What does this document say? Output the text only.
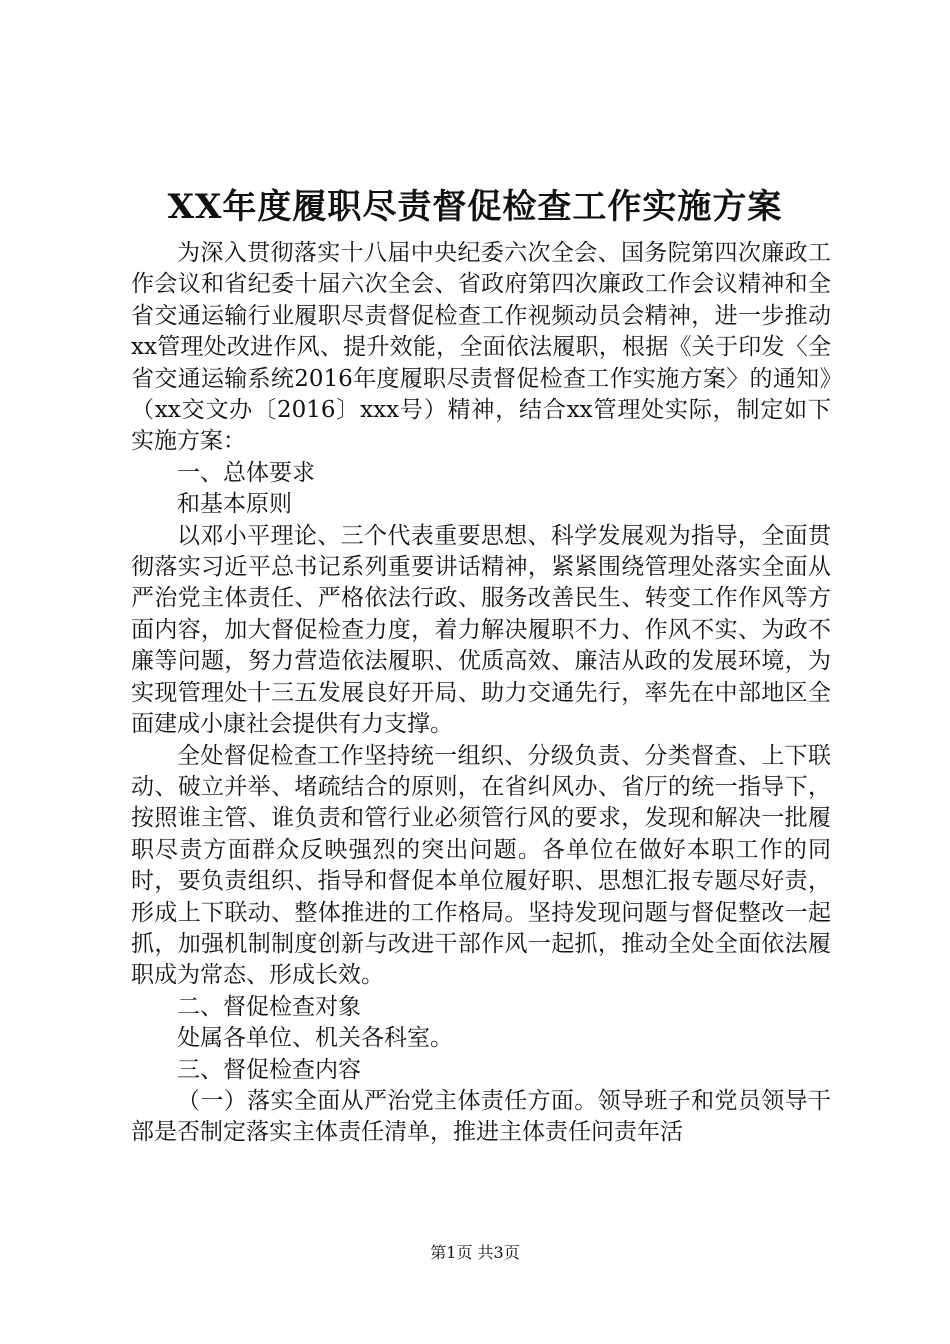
XX年度履职尽责督促检查工作实施方案

为深入贯彻落实十八届中央纪委六次全会、国务院第四次廉政工作会议和省纪委十届六次全会、省政府第四次廉政工作会议精神和全省交通运输行业履职尽责督促检查工作视频动员会精神，进一步推动xx管理处改进作风、提升效能，全面依法履职，根据《关于印发〈全省交通运输系统2016年度履职尽责督促检查工作实施方案〉的通知》（xx交文办〔2016〕xxx号）精神，结合xx管理处实际，制定如下实施方案：

一、总体要求

和基本原则

以邓小平理论、三个代表重要思想、科学发展观为指导，全面贯彻落实习近平总书记系列重要讲话精神，紧紧围绕管理处落实全面从严治党主体责任、严格依法行政、服务改善民生、转变工作作风等方面内容，加大督促检查力度，着力解决履职不力、作风不实、为政不廉等问题，努力营造依法履职、优质高效、廉洁从政的发展环境，为实现管理处十三五发展良好开局、助力交通先行，率先在中部地区全面建成小康社会提供有力支撑。

全处督促检查工作坚持统一组织、分级负责、分类督查、上下联动、破立并举、堵疏结合的原则，在省纠风办、省厅的统一指导下，按照谁主管、谁负责和管行业必须管行风的要求，发现和解决一批履职尽责方面群众反映强烈的突出问题。各单位在做好本职工作的同时，要负责组织、指导和督促本单位履好职、思想汇报专题尽好责，形成上下联动、整体推进的工作格局。坚持发现问题与督促整改一起抓，加强机制制度创新与改进干部作风一起抓，推动全处全面依法履职成为常态、形成长效。

二、督促检查对象

处属各单位、机关各科室。

三、督促检查内容

（一）落实全面从严治党主体责任方面。领导班子和党员领导干部是否制定落实主体责任清单，推进主体责任问责年活

第1页 共3页
